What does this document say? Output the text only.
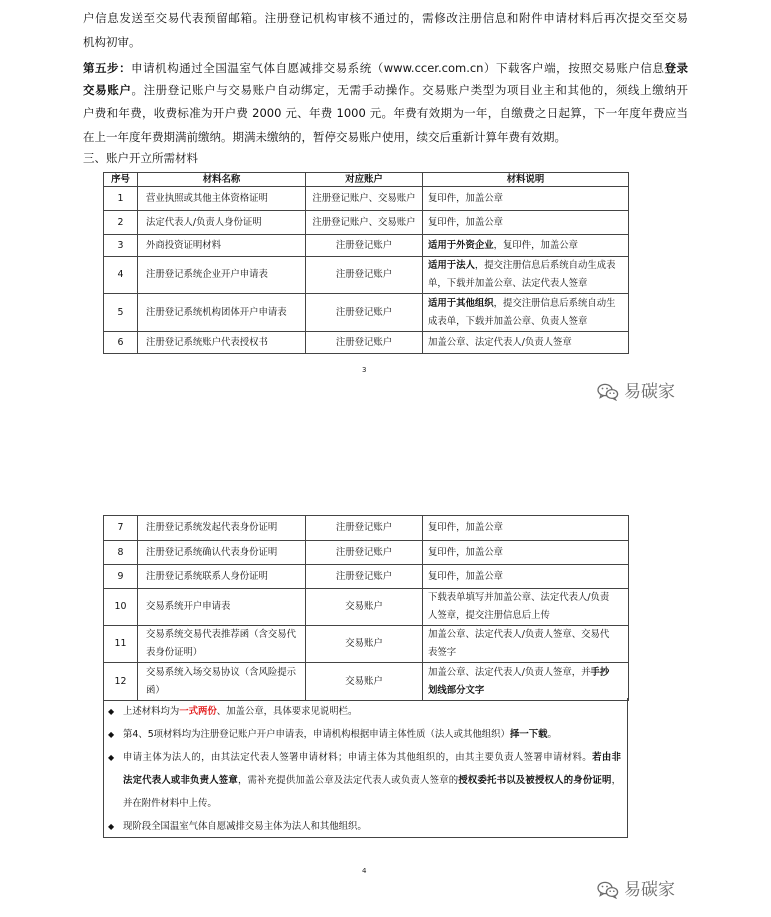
户信息发送至交易代表预留邮箱。注册登记机构审核不通过的，需修改注册信息和附件申请材料后再次提交至交易
机构初审。
第五步：申请机构通过全国温室气体自愿减排交易系统（www.ccer.com.cn）下载客户端，按照交易账户信息登录
交易账户。注册登记账户与交易账户自动绑定，无需手动操作。交易账户类型为项目业主和其他的，须线上缴纳开
户费和年费，收费标准为开户费 2000 元、年费 1000 元。年费有效期为一年，自缴费之日起算，下一年度年费应当
在上一年度年费期满前缴纳。期满未缴纳的，暂停交易账户使用，续交后重新计算年费有效期。
三、账户开立所需材料
序号	材料名称	对应账户	材料说明
1	营业执照或其他主体资格证明	注册登记账户、交易账户	复印件，加盖公章
2	法定代表人/负责人身份证明	注册登记账户、交易账户	复印件，加盖公章
3	外商投资证明材料	注册登记账户	适用于外资企业，复印件，加盖公章
4	注册登记系统企业开户申请表	注册登记账户	适用于法人，提交注册信息后系统自动生成表
单，下载并加盖公章、法定代表人签章
5	注册登记系统机构团体开户申请表	注册登记账户	适用于其他组织，提交注册信息后系统自动生
成表单，下载并加盖公章、负责人签章
6	注册登记系统账户代表授权书	注册登记账户	加盖公章、法定代表人/负责人签章
3
易碳家
7	注册登记系统发起代表身份证明	注册登记账户	复印件，加盖公章
8	注册登记系统确认代表身份证明	注册登记账户	复印件，加盖公章
9	注册登记系统联系人身份证明	注册登记账户	复印件，加盖公章
10	交易系统开户申请表	交易账户	下载表单填写并加盖公章、法定代表人/负责
人签章，提交注册信息后上传
11	交易系统交易代表推荐函（含交易代
表身份证明）	交易账户	加盖公章、法定代表人/负责人签章、交易代
表签字
12	交易系统入场交易协议（含风险提示
函）	交易账户	加盖公章、法定代表人/负责人签章，并手抄
划线部分文字
◆ 上述材料均为一式两份、加盖公章，具体要求见说明栏。
◆ 第4、5项材料均为注册登记账户开户申请表，申请机构根据申请主体性质（法人或其他组织）择一下载。
◆ 申请主体为法人的，由其法定代表人签署申请材料；申请主体为其他组织的，由其主要负责人签署申请材料。若由非
法定代表人或非负责人签章，需补充提供加盖公章及法定代表人或负责人签章的授权委托书以及被授权人的身份证明，
并在附件材料中上传。
◆ 现阶段全国温室气体自愿减排交易主体为法人和其他组织。
4
易碳家
